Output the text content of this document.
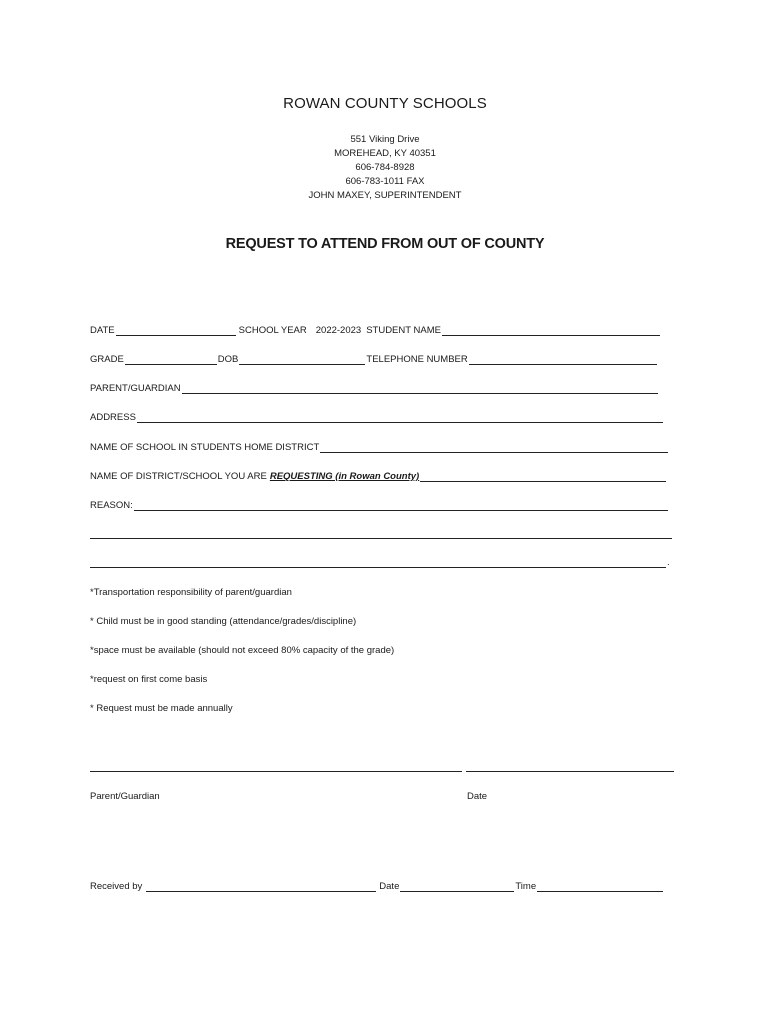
ROWAN COUNTY SCHOOLS
551 Viking Drive
MOREHEAD, KY 40351
606-784-8928
606-783-1011 FAX
JOHN MAXEY, SUPERINTENDENT
REQUEST TO ATTEND FROM OUT OF COUNTY
DATE	SCHOOL YEAR 2022-2023 STUDENT NAME
GRADE	DOB	TELEPHONE NUMBER
PARENT/GUARDIAN
ADDRESS
NAME OF SCHOOL IN STUDENTS HOME DISTRICT
NAME OF DISTRICT/SCHOOL YOU ARE REQUESTING (in Rowan County)
REASON:
.
*Transportation responsibility of parent/guardian
* Child must be in good standing (attendance/grades/discipline)
*space must be available (should not exceed 80% capacity of the grade)
*request on first come basis
* Request must be made annually
Parent/Guardian	Date
Received by	Date	Time
